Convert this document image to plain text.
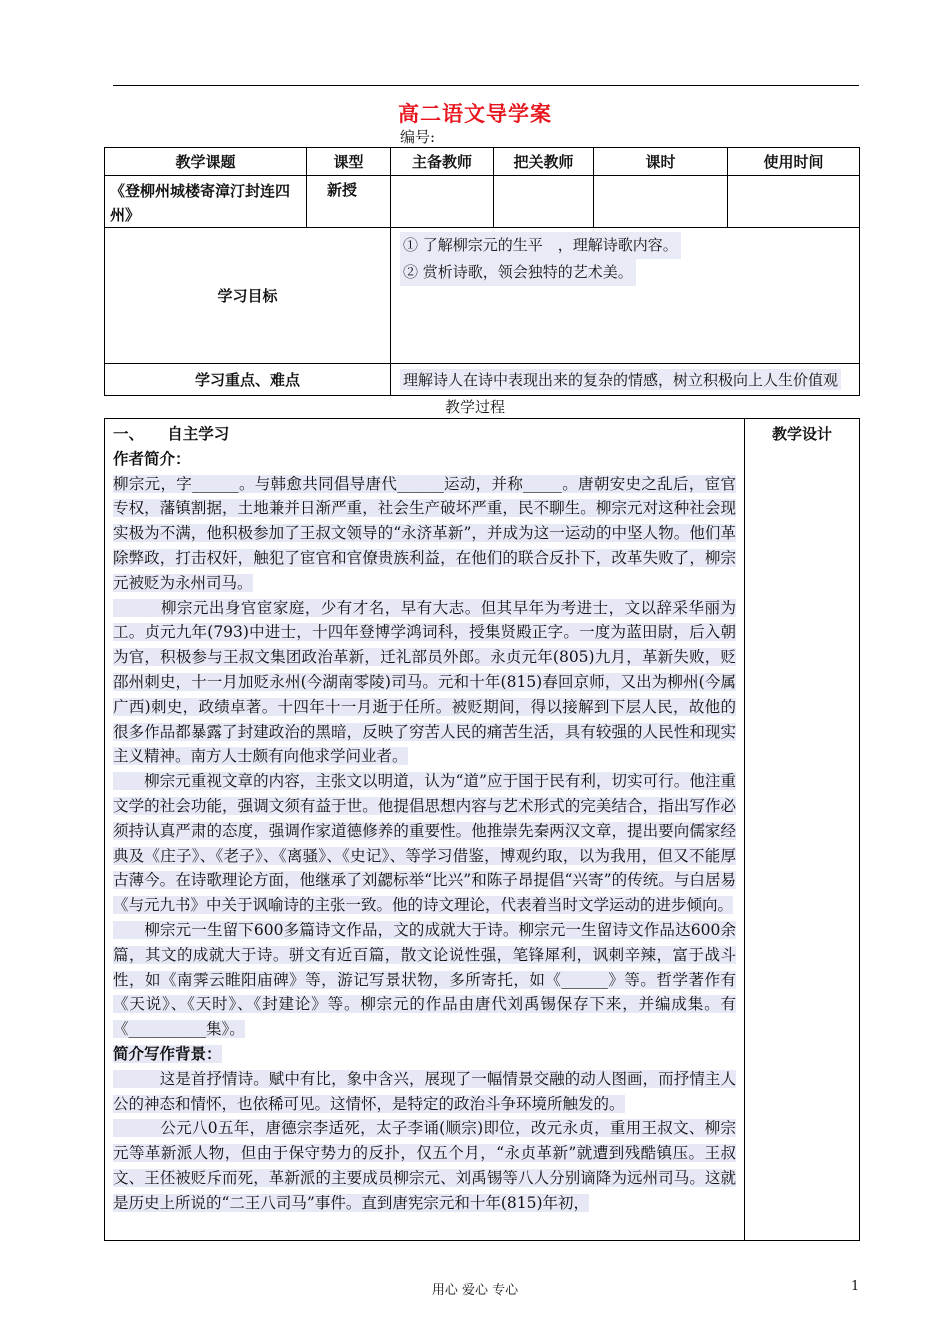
高二语文导学案
编号:
教学课题	课型	主备教师	把关教师	课时	使用时间
《登柳州城楼寄漳汀封连四州》	新授				
学习目标		① 了解柳宗元的生平　，理解诗歌内容。
② 赏析诗歌，领会独特的艺术美。			

学习重点、难点		理解诗人在诗中表现出来的复杂的情感，树立积极向上人生价值观			
教学过程
一、　　自主学习
作者简介：

柳宗元，字______。与韩愈共同倡导唐代______运动，并称_____。唐朝安史之乱后，宦官专权，藩镇割据，土地兼并日渐严重，社会生产破坏严重，民不聊生。柳宗元对这种社会现实极为不满，他积极参加了王叔文领导的“永济革新”，并成为这一运动的中坚人物。他们革除弊政，打击权奸，触犯了宦官和官僚贵族利益，在他们的联合反扑下，改革失败了，柳宗元被贬为永州司马。

　　　柳宗元出身官宦家庭，少有才名，早有大志。但其早年为考进士，文以辞采华丽为工。贞元九年(793)中进士，十四年登博学鸿词科，授集贤殿正字。一度为蓝田尉，后入朝为官，积极参与王叔文集团政治革新，迁礼部员外郎。永贞元年(805)九月，革新失败，贬邵州刺史，十一月加贬永州(今湖南零陵)司马。元和十年(815)春回京师，又出为柳州(今属广西)刺史，政绩卓著。十四年十一月逝于任所。被贬期间，得以接解到下层人民，故他的很多作品都暴露了封建政治的黑暗，反映了穷苦人民的痛苦生活，具有较强的人民性和现实主义精神。南方人士颇有向他求学问业者。

　　柳宗元重视文章的内容，主张文以明道，认为“道”应于国于民有利，切实可行。他注重文学的社会功能，强调文须有益于世。他提倡思想内容与艺术形式的完美结合，指出写作必须持认真严肃的态度，强调作家道德修养的重要性。他推崇先秦两汉文章，提出要向儒家经典及《庄子》、《老子》、《离骚》、《史记》、等学习借鉴，博观约取，以为我用，但又不能厚古薄今。在诗歌理论方面，他继承了刘勰标举“比兴”和陈子昂提倡“兴寄”的传统。与白居易《与元九书》中关于讽喻诗的主张一致。他的诗文理论，代表着当时文学运动的进步倾向。

　　柳宗元一生留下600多篇诗文作品，文的成就大于诗。柳宗元一生留诗文作品达600余篇，其文的成就大于诗。骈文有近百篇，散文论说性强，笔锋犀利，讽刺辛辣，富于战斗性，如《南霁云睢阳庙碑》等，游记写景状物，多所寄托，如《______》等。哲学著作有《天说》、《天时》、《封建论》等。柳宗元的作品由唐代刘禹锡保存下来，并编成集。有《__________集》。

简介写作背景：

　　　这是首抒情诗。赋中有比，象中含兴，展现了一幅情景交融的动人图画，而抒情主人公的神态和情怀，也依稀可见。这情怀，是特定的政治斗争环境所触发的。

　　　公元八0五年，唐德宗李适死，太子李诵(顺宗)即位，改元永贞，重用王叔文、柳宗元等革新派人物，但由于保守势力的反扑，仅五个月，“永贞革新”就遭到残酷镇压。王叔文、王伾被贬斥而死，革新派的主要成员柳宗元、刘禹锡等八人分别谪降为远州司马。这就是历史上所说的“二王八司马”事件。直到唐宪宗元和十年(815)年初，

	教学设计
用心 爱心 专心	1
